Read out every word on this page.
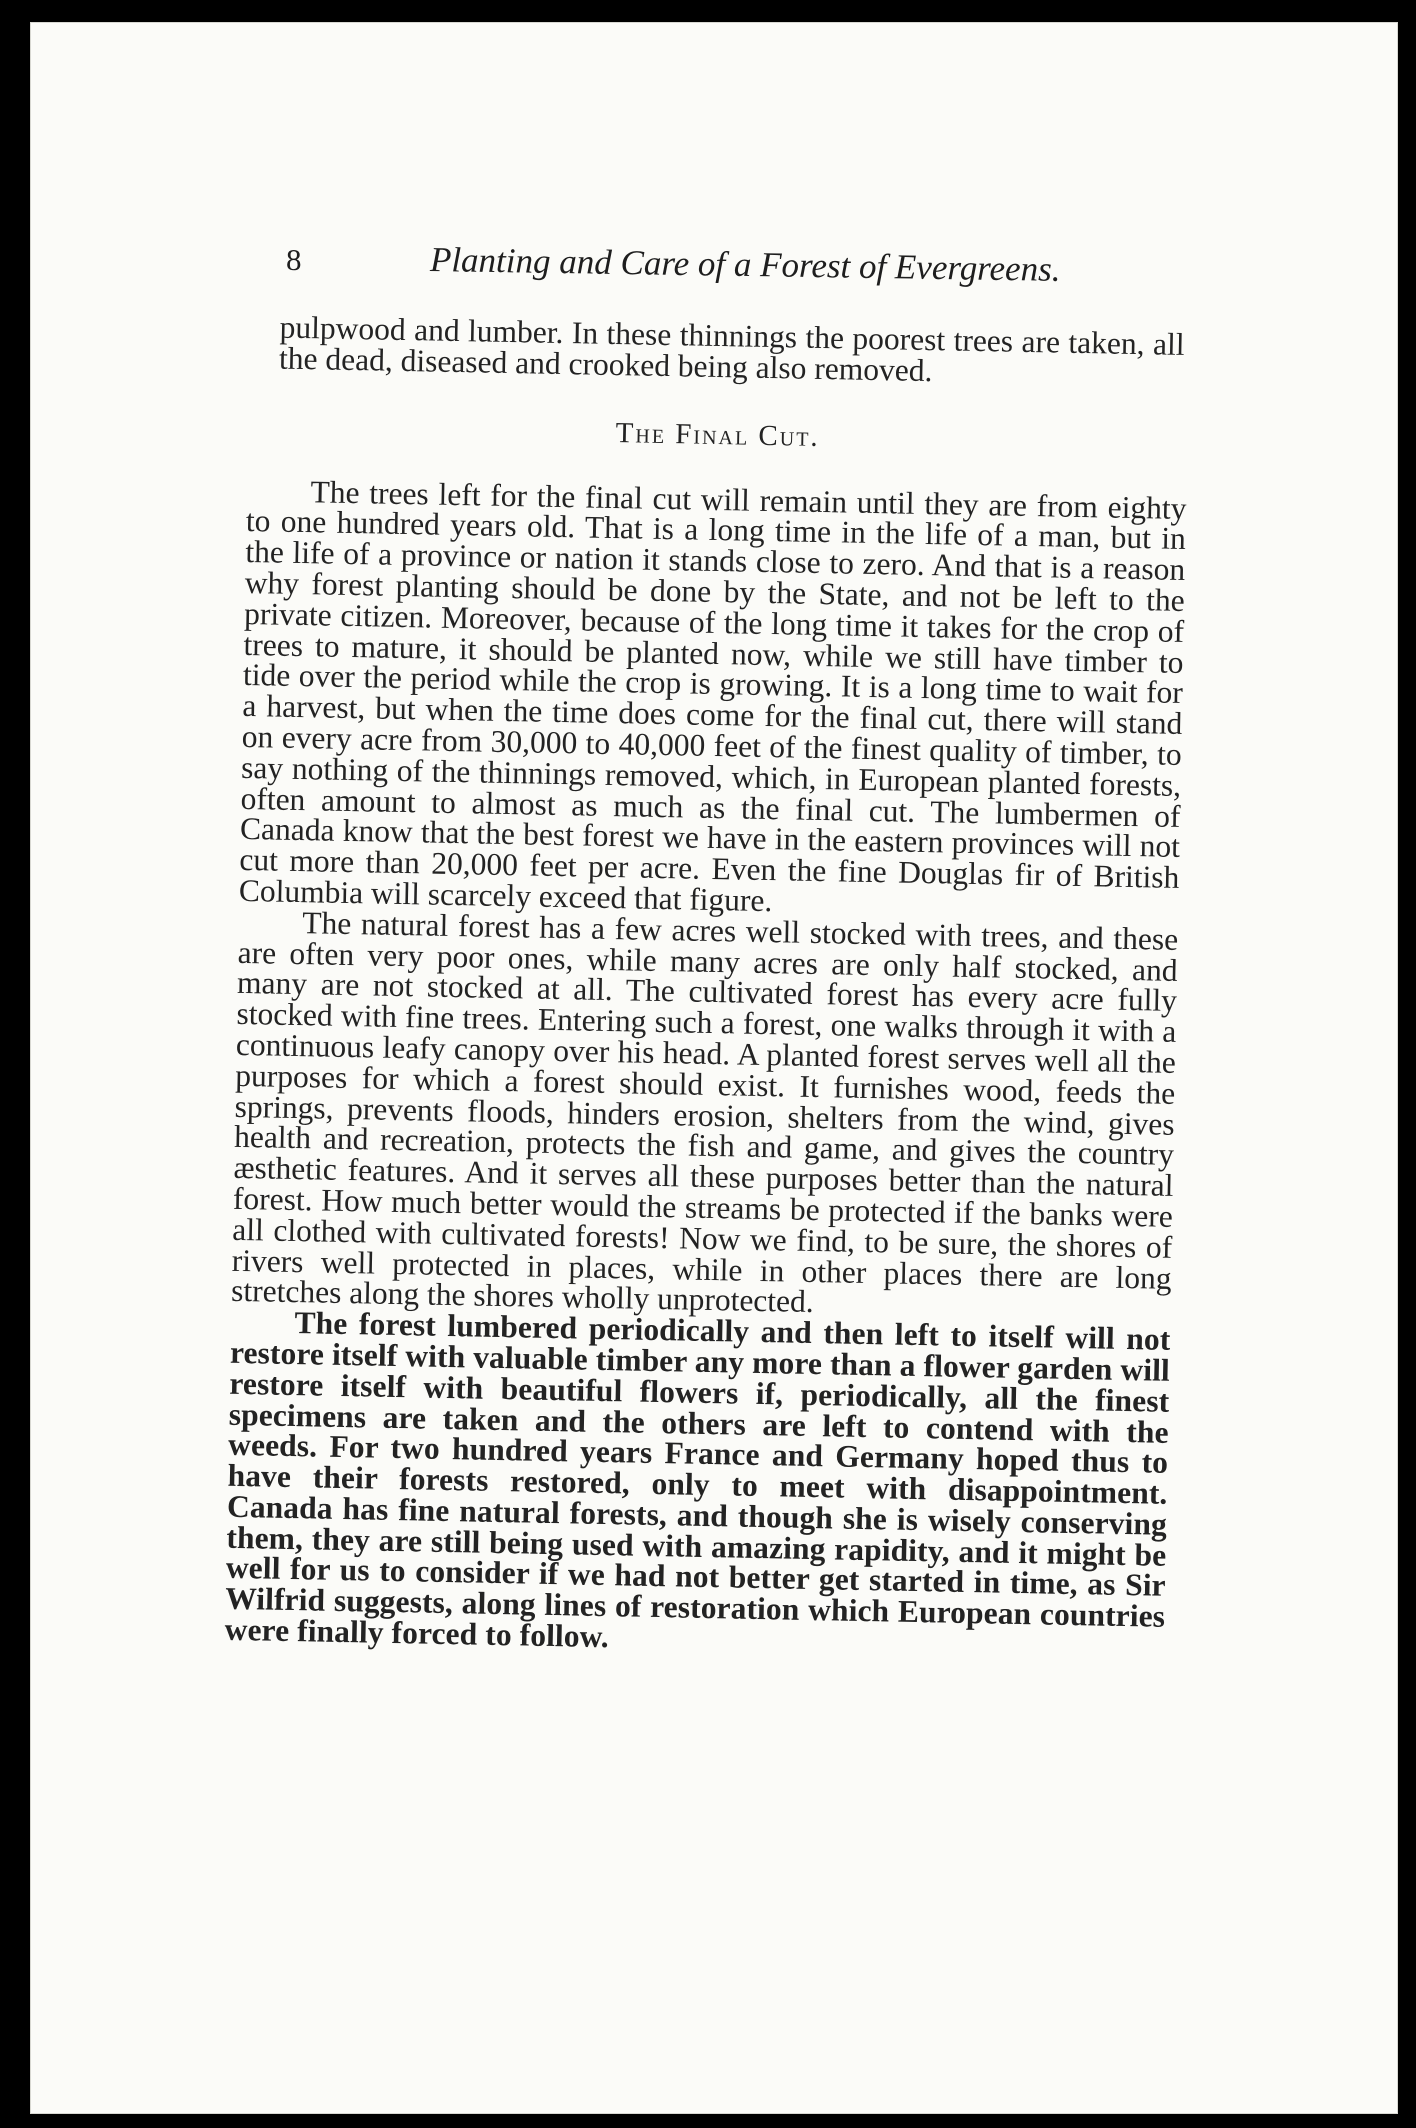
8	Planting and Care of a Forest of Evergreens.

pulpwood and lumber. In these thinnings the poorest trees are taken, all the dead, diseased and crooked being also removed.

The Final Cut.

The trees left for the final cut will remain until they are from eighty to one hundred years old. That is a long time in the life of a man, but in the life of a province or nation it stands close to zero. And that is a reason why forest planting should be done by the State, and not be left to the private citizen. Moreover, because of the long time it takes for the crop of trees to mature, it should be planted now, while we still have timber to tide over the period while the crop is growing. It is a long time to wait for a harvest, but when the time does come for the final cut, there will stand on every acre from 30,000 to 40,000 feet of the finest quality of timber, to say nothing of the thinnings removed, which, in European planted forests, often amount to almost as much as the final cut. The lumbermen of Canada know that the best forest we have in the eastern provinces will not cut more than 20,000 feet per acre. Even the fine Douglas fir of British Columbia will scarcely exceed that figure.

The natural forest has a few acres well stocked with trees, and these are often very poor ones, while many acres are only half stocked, and many are not stocked at all. The cultivated forest has every acre fully stocked with fine trees. Entering such a forest, one walks through it with a continuous leafy canopy over his head. A planted forest serves well all the purposes for which a forest should exist. It furnishes wood, feeds the springs, prevents floods, hinders erosion, shelters from the wind, gives health and recreation, protects the fish and game, and gives the country æsthetic features. And it serves all these purposes better than the natural forest. How much better would the streams be protected if the banks were all clothed with cultivated forests! Now we find, to be sure, the shores of rivers well protected in places, while in other places there are long stretches along the shores wholly unprotected.

The forest lumbered periodically and then left to itself will not restore itself with valuable timber any more than a flower garden will restore itself with beautiful flowers if, periodically, all the finest specimens are taken and the others are left to contend with the weeds. For two hundred years France and Germany hoped thus to have their forests restored, only to meet with disappointment. Canada has fine natural forests, and though she is wisely conserving them, they are still being used with amazing rapidity, and it might be well for us to consider if we had not better get started in time, as Sir Wilfrid suggests, along lines of restoration which European countries were finally forced to follow.
